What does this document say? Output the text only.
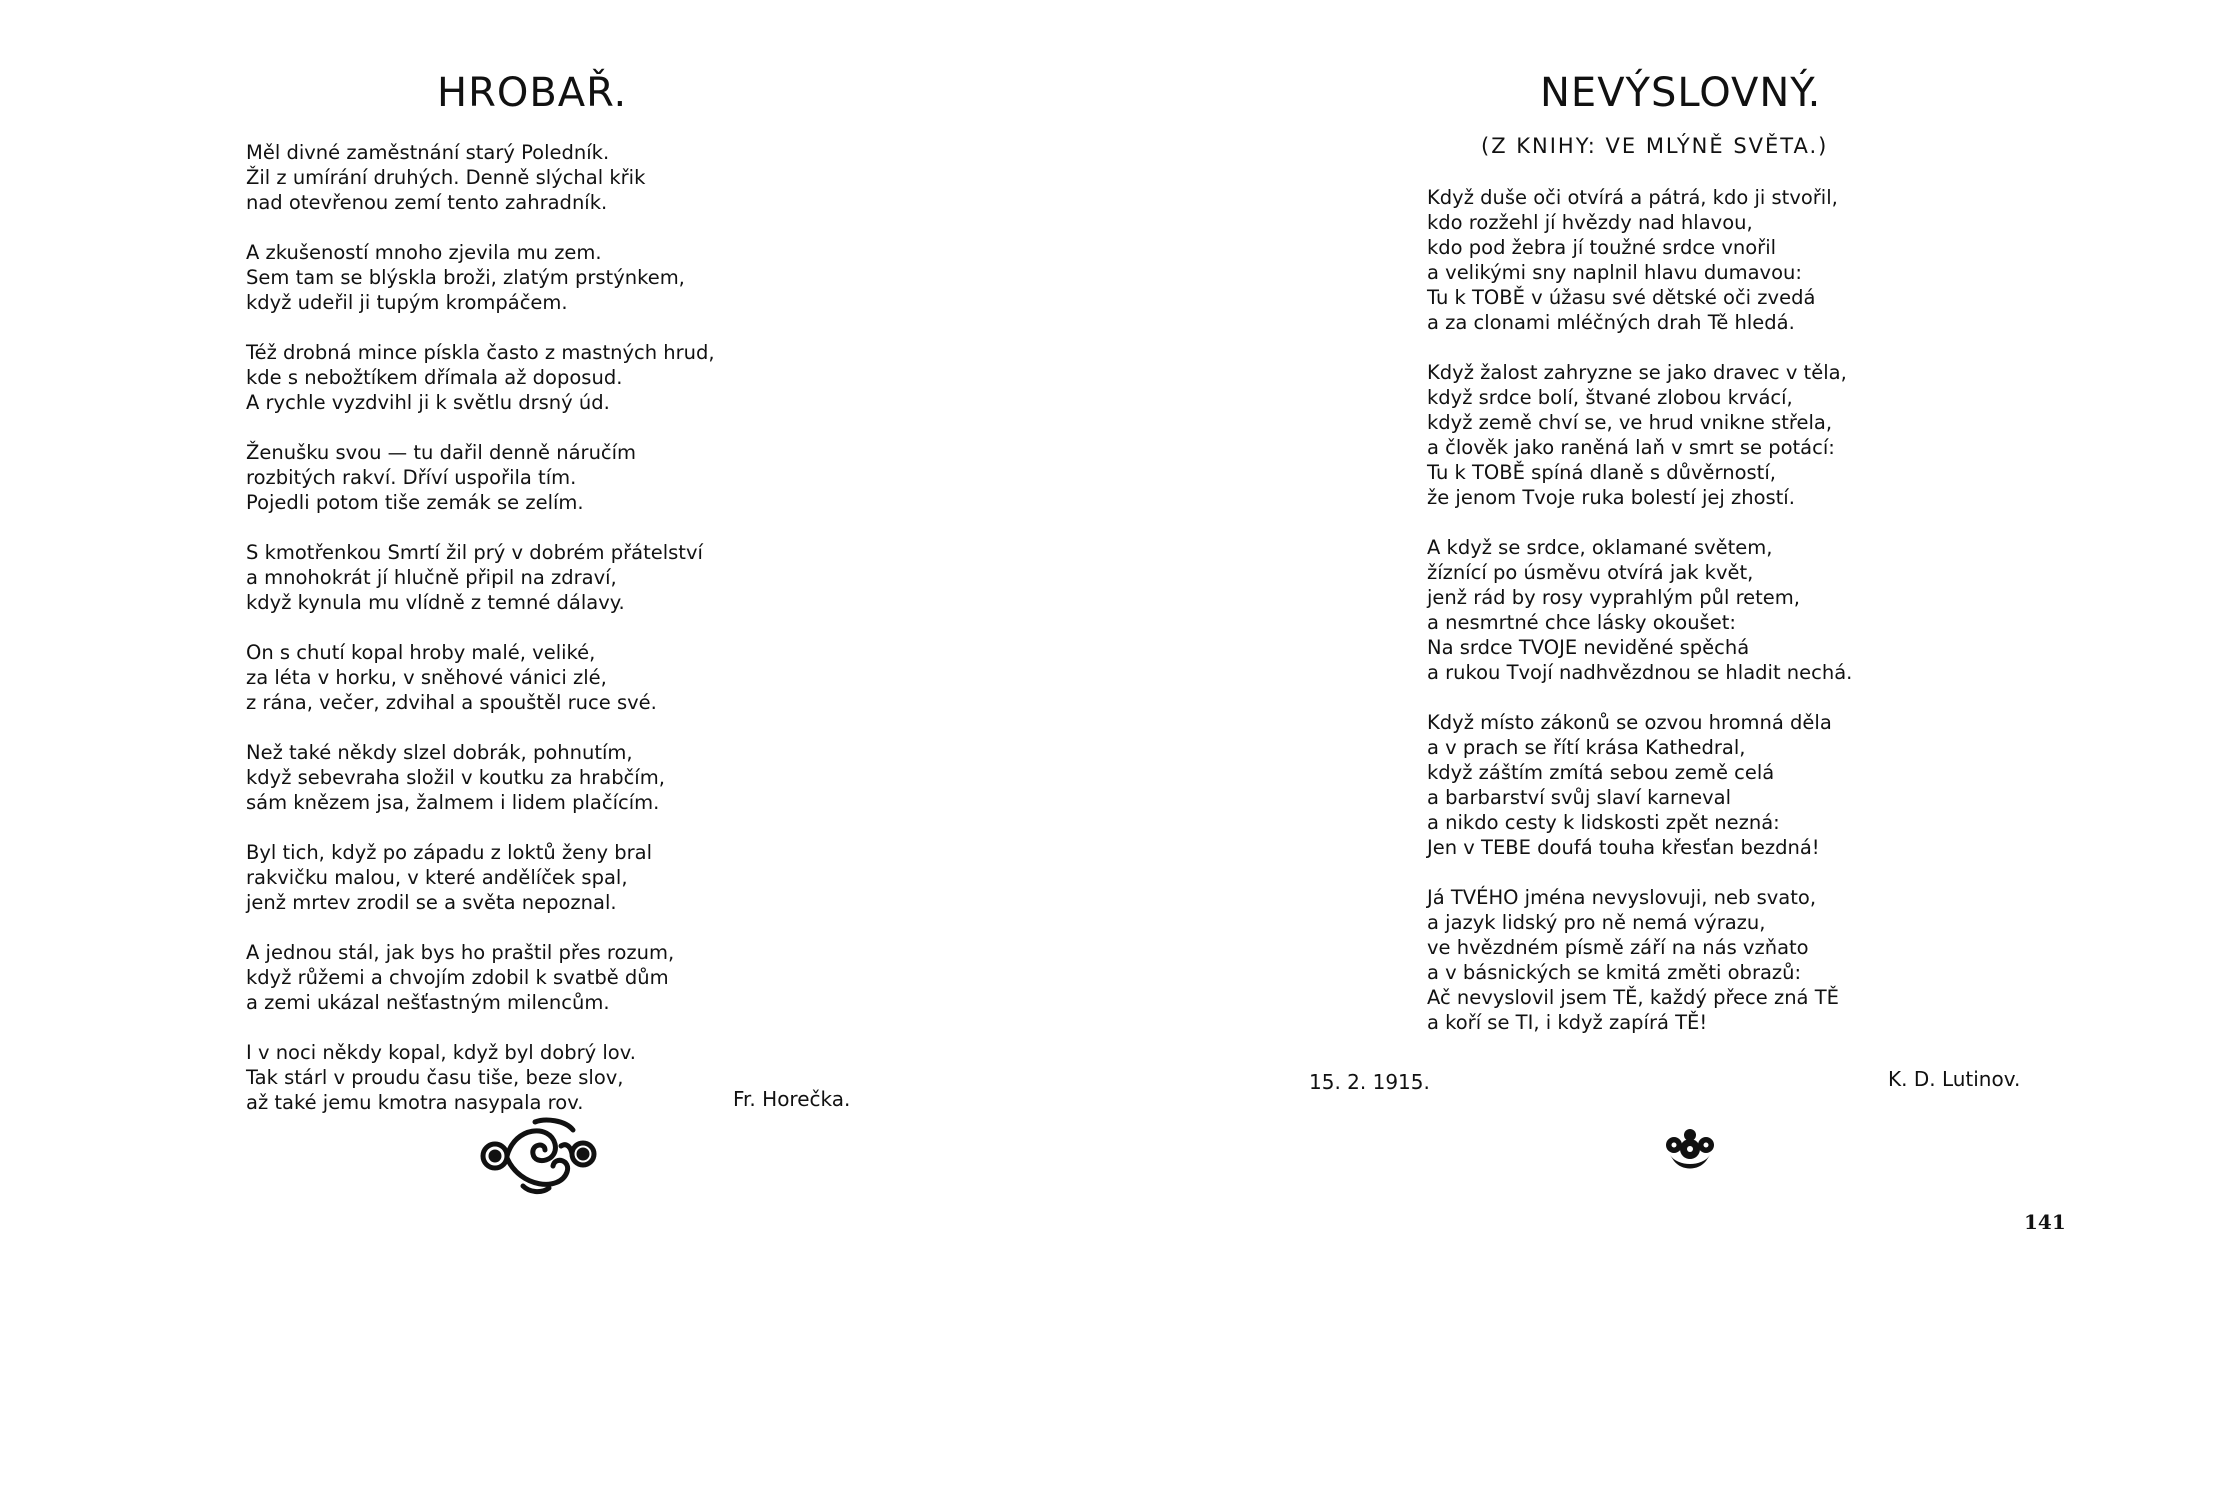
HROBAŘ.
Měl divné zaměstnání starý Poledník.
Žil z umírání druhých. Denně slýchal křik
nad otevřenou zemí tento zahradník.
A zkušeností mnoho zjevila mu zem.
Sem tam se blýskla broži, zlatým prstýnkem,
když udeřil ji tupým krompáčem.
Též drobná mince pískla často z mastných hrud,
kde s nebožtíkem dřímala až doposud.
A rychle vyzdvihl ji k světlu drsný úd.
Ženušku svou — tu dařil denně náručím
rozbitých rakví. Dříví uspořila tím.
Pojedli potom tiše zemák se zelím.
S kmotřenkou Smrtí žil prý v dobrém přátelství
a mnohokrát jí hlučně připil na zdraví,
když kynula mu vlídně z temné dálavy.
On s chutí kopal hroby malé, veliké,
za léta v horku, v sněhové vánici zlé,
z rána, večer, zdvihal a spouštěl ruce své.
Než také někdy slzel dobrák, pohnutím,
když sebevraha složil v koutku za hrabčím,
sám knězem jsa, žalmem i lidem plačícím.
Byl tich, když po západu z loktů ženy bral
rakvičku malou, v které andělíček spal,
jenž mrtev zrodil se a světa nepoznal.
A jednou stál, jak bys ho praštil přes rozum,
když růžemi a chvojím zdobil k svatbě dům
a zemi ukázal nešťastným milencům.
I v noci někdy kopal, když byl dobrý lov.
Tak stárl v proudu času tiše, beze slov,
až také jemu kmotra nasypala rov.	Fr. Horečka.
NEVÝSLOVNÝ.
(Z KNIHY: VE MLÝNĚ SVĚTA.)
Když duše oči otvírá a pátrá, kdo ji stvořil,
kdo rozžehl jí hvězdy nad hlavou,
kdo pod žebra jí toužné srdce vnořil
a velikými sny naplnil hlavu dumavou:
Tu k TOBĚ v úžasu své dětské oči zvedá
a za clonami mléčných drah Tě hledá.
Když žalost zahryzne se jako dravec v těla,
když srdce bolí, štvané zlobou krvácí,
když země chví se, ve hrud vnikne střela,
a člověk jako raněná laň v smrt se potácí:
Tu k TOBĚ spíná dlaně s důvěrností,
že jenom Tvoje ruka bolestí jej zhostí.
A když se srdce, oklamané světem,
žíznící po úsměvu otvírá jak květ,
jenž rád by rosy vyprahlým půl retem,
a nesmrtné chce lásky okoušet:
Na srdce TVOJE neviděné spěchá
a rukou Tvojí nadhvězdnou se hladit nechá.
Když místo zákonů se ozvou hromná děla
a v prach se řítí krása Kathedral,
když záštím zmítá sebou země celá
a barbarství svůj slaví karneval
a nikdo cesty k lidskosti zpět nezná:
Jen v TEBE doufá touha křesťan bezdná!
Já TVÉHO jména nevyslovuji, neb svato,
a jazyk lidský pro ně nemá výrazu,
ve hvězdném písmě září na nás vzňato
a v básnických se kmitá změti obrazů:
Ač nevyslovil jsem TĚ, každý přece zná TĚ
a koří se TI, i když zapírá TĚ!
15. 2. 1915.	K. D. Lutinov.
141
